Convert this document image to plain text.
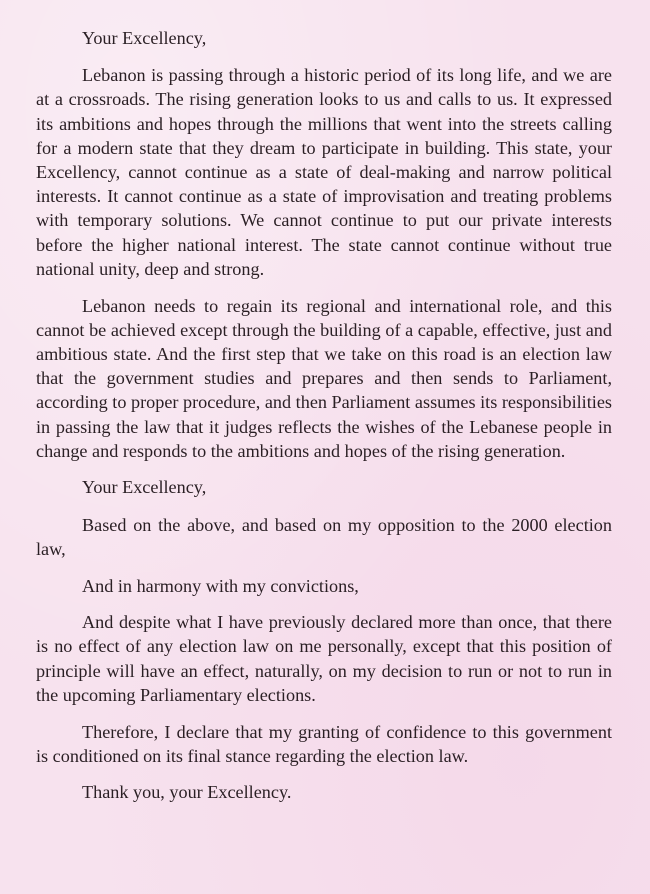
Your Excellency,

Lebanon is passing through a historic period of its long life, and we are at a crossroads. The rising generation looks to us and calls to us. It expressed its ambitions and hopes through the millions that went into the streets calling for a modern state that they dream to participate in building. This state, your Excellency, cannot continue as a state of deal-making and narrow political interests. It cannot continue as a state of improvisation and treating problems with temporary solutions. We cannot continue to put our private interests before the higher national interest. The state cannot continue without true national unity, deep and strong.

Lebanon needs to regain its regional and international role, and this cannot be achieved except through the building of a capable, effective, just and ambitious state. And the first step that we take on this road is an election law that the government studies and prepares and then sends to Parliament, according to proper procedure, and then Parliament assumes its responsibilities in passing the law that it judges reflects the wishes of the Lebanese people in change and responds to the ambitions and hopes of the rising generation.

Your Excellency,

Based on the above, and based on my opposition to the 2000 election law,

And in harmony with my convictions,

And despite what I have previously declared more than once, that there is no effect of any election law on me personally, except that this position of principle will have an effect, naturally, on my decision to run or not to run in the upcoming Parliamentary elections.

Therefore, I declare that my granting of confidence to this government is conditioned on its final stance regarding the election law.

Thank you, your Excellency.
